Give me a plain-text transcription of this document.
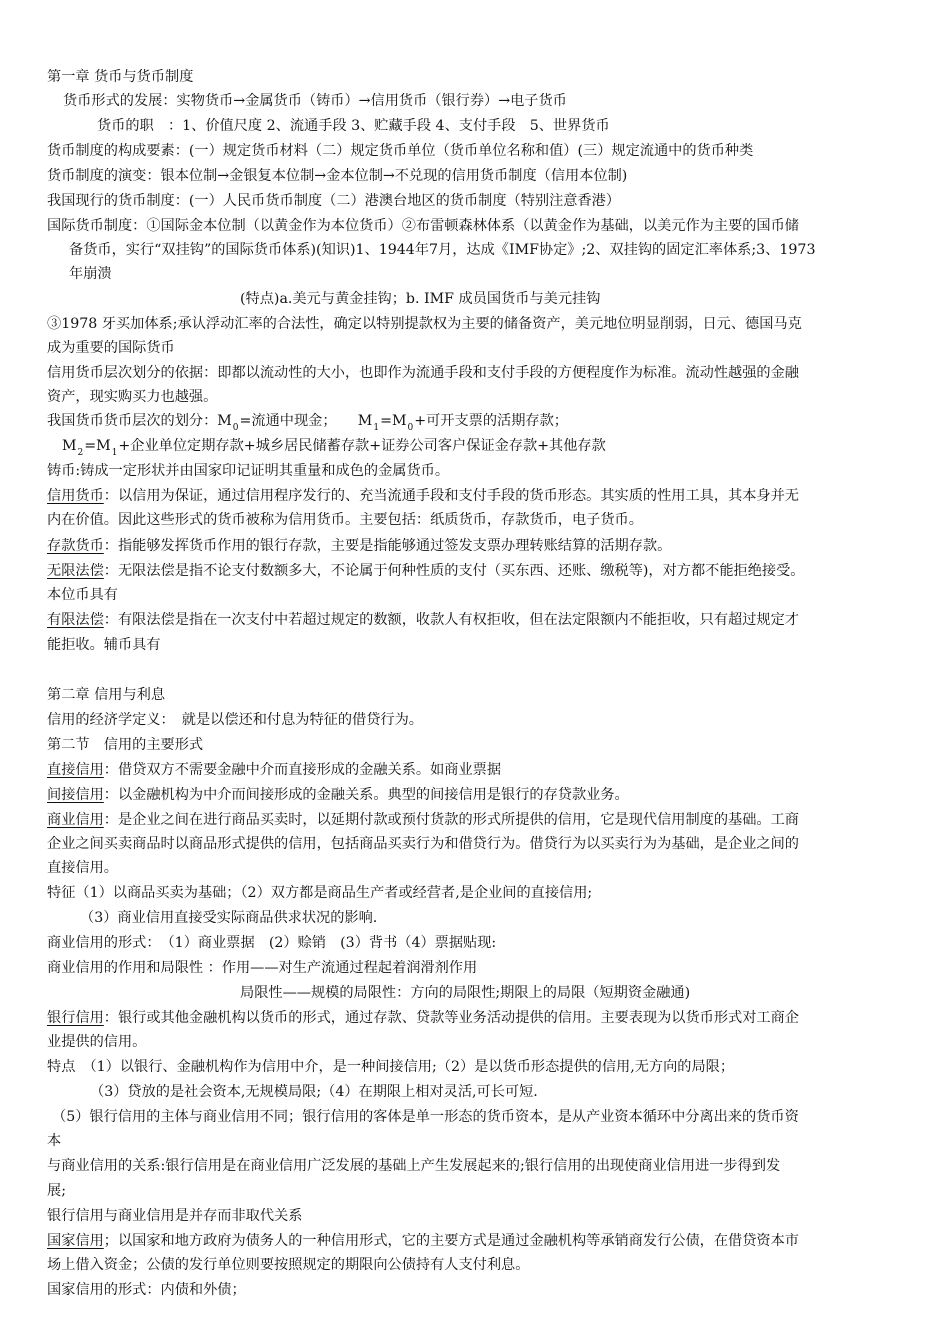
第一章 货币与货币制度
货币形式的发展：实物货币→金属货币（铸币）→信用货币（银行券）→电子货币
货币的职　：1、价值尺度 2、流通手段 3、贮藏手段 4、支付手段　5、世界货币
货币制度的构成要素：(一）规定货币材料（二）规定货币单位（货币单位名称和值）(三）规定流通中的货币种类
货币制度的演变：银本位制→金银复本位制→金本位制→不兑现的信用货币制度（信用本位制)
我国现行的货币制度：(一）人民币货币制度（二）港澳台地区的货币制度（特别注意香港）
国际货币制度：①国际金本位制（以黄金作为本位货币）②布雷顿森林体系（以黄金作为基础，以美元作为主要的国币储
备货币，实行“双挂钩”的国际货币体系)(知识)1、1944年7月，达成《IMF协定》;2、双挂钩的固定汇率体系;3、1973
年崩溃
(特点)a.美元与黄金挂钩；b. IMF 成员国货币与美元挂钩
③1978 牙买加体系;承认浮动汇率的合法性，确定以特别提款权为主要的储备资产，美元地位明显削弱，日元、德国马克
成为重要的国际货币
信用货币层次划分的依据：即都以流动性的大小，也即作为流通手段和支付手段的方便程度作为标准。流动性越强的金融
资产，现实购买力也越强。
我国货币货币层次的划分：$M_0=$流通中现金；　　$M_1=M_0+$可开支票的活期存款；
$M_2=M_1+$企业单位定期存款+城乡居民储蓄存款+证券公司客户保证金存款+其他存款
铸币:铸成一定形状并由国家印记证明其重量和成色的金属货币。
信用货币：以信用为保证，通过信用程序发行的、充当流通手段和支付手段的货币形态。其实质的性用工具，其本身并无
内在价值。因此这些形式的货币被称为信用货币。主要包括：纸质货币，存款货币，电子货币。
存款货币：指能够发挥货币作用的银行存款，主要是指能够通过签发支票办理转账结算的活期存款。
无限法偿：无限法偿是指不论支付数额多大，不论属于何种性质的支付（买东西、还账、缴税等)，对方都不能拒绝接受。
本位币具有
有限法偿：有限法偿是指在一次支付中若超过规定的数额，收款人有权拒收，但在法定限额内不能拒收，只有超过规定才
能拒收。辅币具有
第二章 信用与利息
信用的经济学定义：　就是以偿还和付息为特征的借贷行为。
第二节　信用的主要形式
直接信用：借贷双方不需要金融中介而直接形成的金融关系。如商业票据
间接信用：以金融机构为中介而间接形成的金融关系。典型的间接信用是银行的存贷款业务。
商业信用：是企业之间在进行商品买卖时，以延期付款或预付货款的形式所提供的信用，它是现代信用制度的基础。工商
企业之间买卖商品时以商品形式提供的信用，包括商品买卖行为和借贷行为。借贷行为以买卖行为为基础，是企业之间的
直接信用。
特征（1）以商品买卖为基础；（2）双方都是商品生产者或经营者,是企业间的直接信用;
（3）商业信用直接受实际商品供求状况的影响.
商业信用的形式：　（1）商业票据　(2）赊销　(3）背书（4）票据贴现:
商业信用的作用和局限性 ：作用——对生产流通过程起着润滑剂作用
局限性——规模的局限性：方向的局限性;期限上的局限（短期资金融通)
银行信用：银行或其他金融机构以货币的形式，通过存款、贷款等业务活动提供的信用。主要表现为以货币形式对工商企
业提供的信用。
特点　（1）以银行、金融机构作为信用中介，是一种间接信用;（2）是以货币形态提供的信用,无方向的局限；
（3）贷放的是社会资本,无规模局限;（4）在期限上相对灵活,可长可短.
（5）银行信用的主体与商业信用不同；银行信用的客体是单一形态的货币资本，是从产业资本循环中分离出来的货币资
本
与商业信用的关系:银行信用是在商业信用广泛发展的基础上产生发展起来的;银行信用的出现使商业信用进一步得到发
展;
银行信用与商业信用是并存而非取代关系
国家信用；以国家和地方政府为债务人的一种信用形式，它的主要方式是通过金融机构等承销商发行公债，在借贷资本市
场上借入资金；公债的发行单位则要按照规定的期限向公债持有人支付利息。
国家信用的形式：内债和外债；
